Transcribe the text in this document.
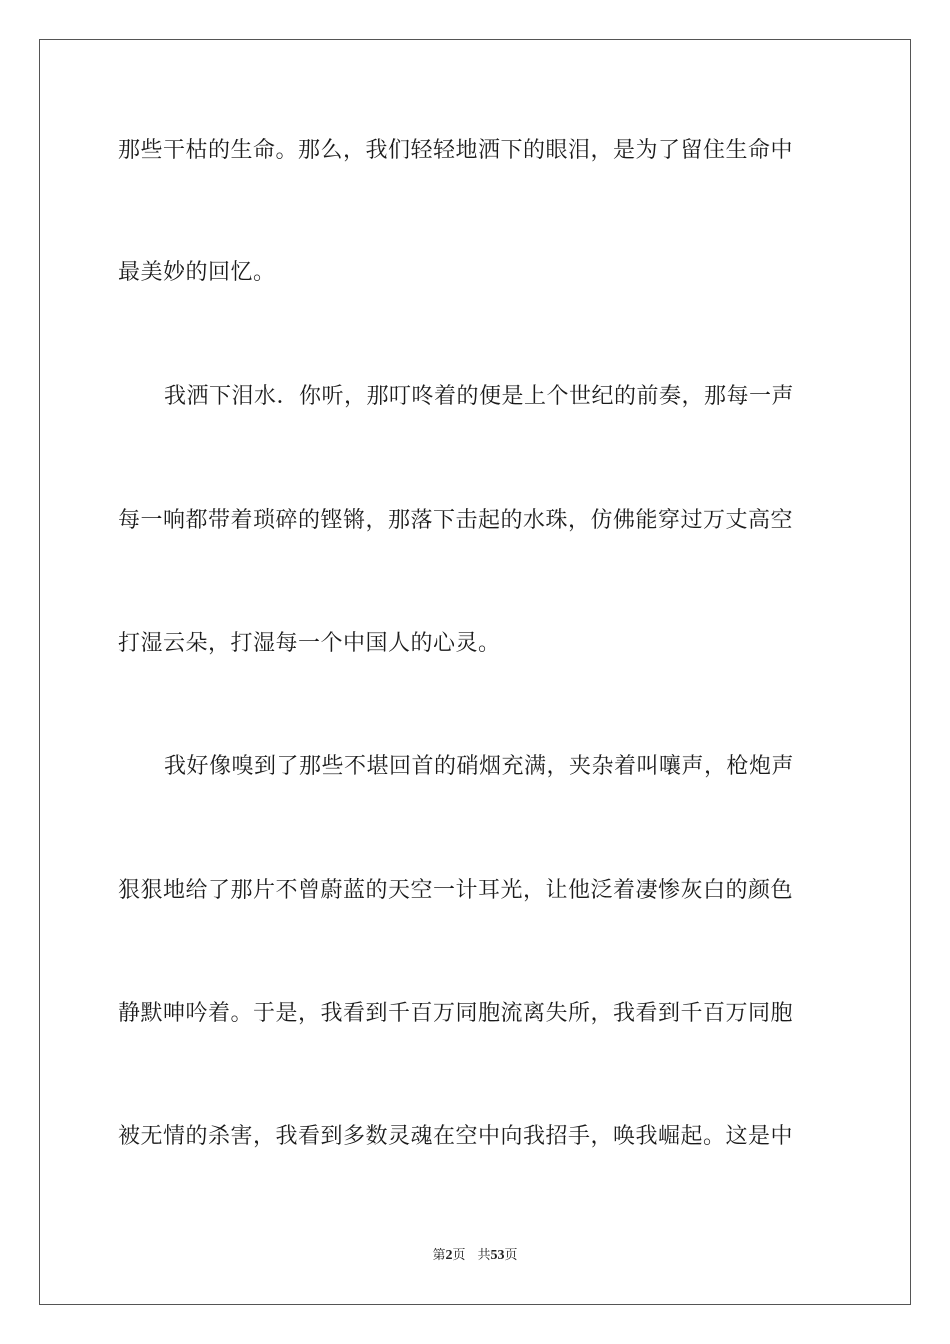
那些干枯的生命。那么，我们轻轻地洒下的眼泪，是为了留住生命中
最美妙的回忆。
我洒下泪水．你听，那叮咚着的便是上个世纪的前奏，那每一声
每一响都带着琐碎的铿锵，那落下击起的水珠，仿佛能穿过万丈高空
打湿云朵，打湿每一个中国人的心灵。
我好像嗅到了那些不堪回首的硝烟充满，夹杂着叫嚷声，枪炮声
狠狠地给了那片不曾蔚蓝的天空一计耳光，让他泛着凄惨灰白的颜色
静默呻吟着。于是，我看到千百万同胞流离失所，我看到千百万同胞
被无情的杀害，我看到多数灵魂在空中向我招手，唤我崛起。这是中
第2页 共53页
